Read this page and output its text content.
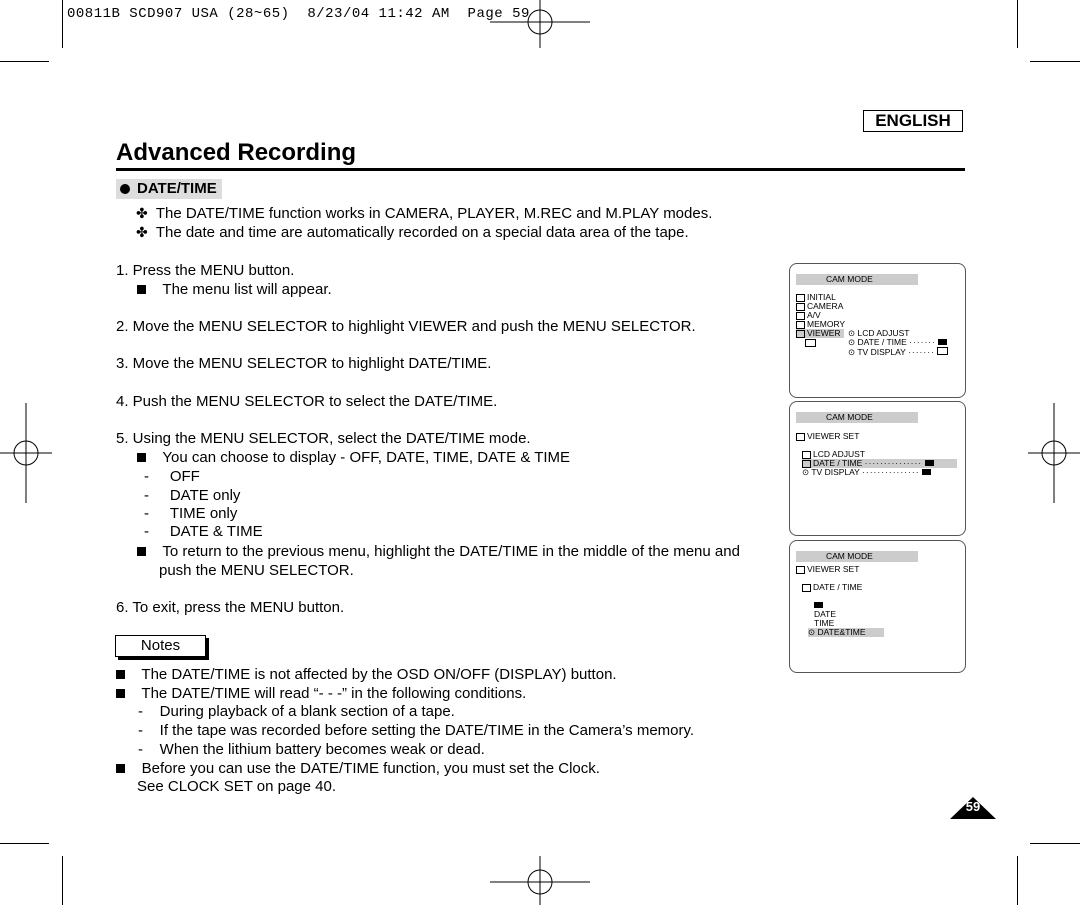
00811B SCD907 USA (28~65)  8/23/04 11:42 AM  Page 59
ENGLISH
Advanced Recording
DATE/TIME
✤ The DATE/TIME function works in CAMERA, PLAYER, M.REC and M.PLAY modes.
✤ The date and time are automatically recorded on a special data area of the tape.
1. Press the MENU button.
The menu list will appear.
2. Move the MENU SELECTOR to highlight VIEWER and push the MENU SELECTOR.
3. Move the MENU SELECTOR to highlight DATE/TIME.
4. Push the MENU SELECTOR to select the DATE/TIME.
5. Using the MENU SELECTOR, select the DATE/TIME mode.
You can choose to display - OFF, DATE, TIME, DATE & TIME
-     OFF
-     DATE only
-     TIME only
-     DATE & TIME
To return to the previous menu, highlight the DATE/TIME in the middle of the menu and
push the MENU SELECTOR.
6. To exit, press the MENU button.
Notes
The DATE/TIME is not affected by the OSD ON/OFF (DISPLAY) button.
The DATE/TIME will read “- - -” in the following conditions.
-    During playback of a blank section of a tape.
-    If the tape was recorded before setting the DATE/TIME in the Camera’s memory.
-    When the lithium battery becomes weak or dead.
Before you can use the DATE/TIME function, you must set the Clock.
See CLOCK SET on page 40.
59
CAM MODE
INITIAL
CAMERA
A/V
MEMORY
VIEWER ⊙ LCD ADJUST
⊙ DATE / TIME ·······
⊙ TV DISPLAY ·······
CAM MODE
VIEWER SET
LCD ADJUST
DATE / TIME ···············
⊙ TV DISPLAY ···············
CAM MODE
VIEWER SET
DATE / TIME
DATE
TIME
⊙ DATE&TIME
